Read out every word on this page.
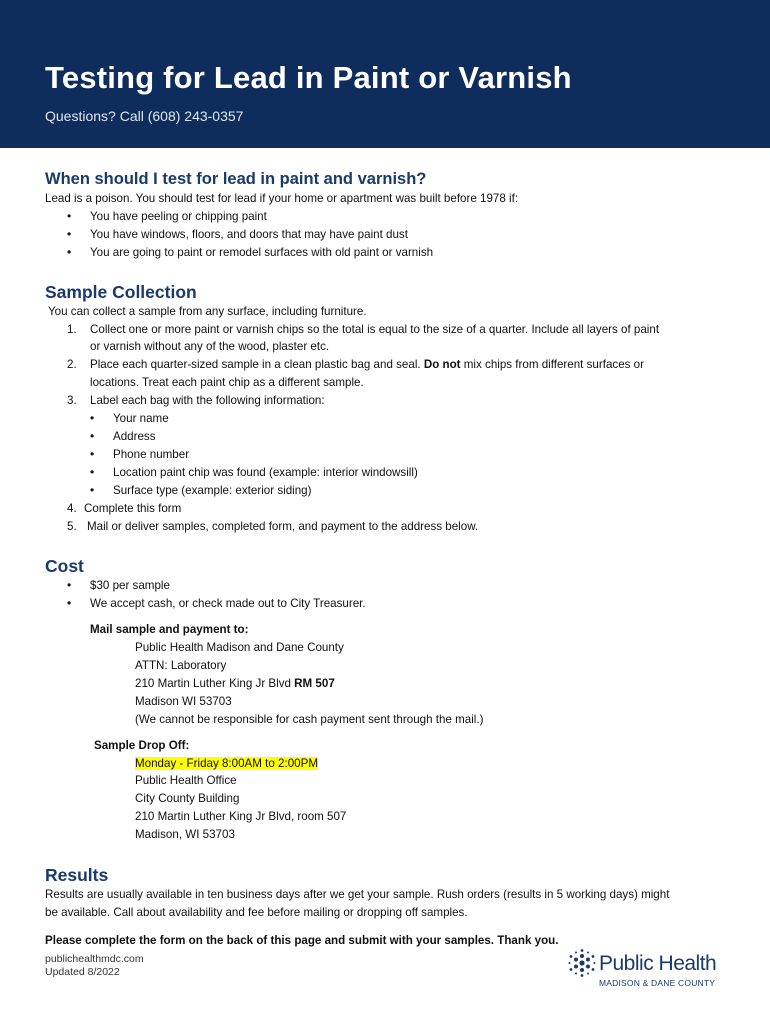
Testing for Lead in Paint or Varnish
Questions? Call (608) 243-0357
When should I test for lead in paint and varnish?

Lead is a poison. You should test for lead if your home or apartment was built before 1978 if:

• You have peeling or chipping paint
• You have windows, floors, and doors that may have paint dust
• You are going to paint or remodel surfaces with old paint or varnish
Sample Collection

You can collect a sample from any surface, including furniture.

1.	Collect one or more paint or varnish chips so the total is equal to the size of a quarter. Include all layers of paint
or varnish without any of the wood, plaster etc.
2.	Place each quarter-sized sample in a clean plastic bag and seal. Do not mix chips from different surfaces or
locations. Treat each paint chip as a different sample.
3.	Label each bag with the following information:
• Your name
• Address
• Phone number
• Location paint chip was found (example: interior windowsill)
• Surface type (example: exterior siding)
4. Complete this form
5. Mail or deliver samples, completed form, and payment to the address below.
Cost
• $30 per sample
• We accept cash, or check made out to City Treasurer.
Mail sample and payment to:
Public Health Madison and Dane County
ATTN: Laboratory
210 Martin Luther King Jr Blvd RM 507
Madison WI 53703
(We cannot be responsible for cash payment sent through the mail.)
Sample Drop Off:
Monday - Friday 8:00AM to 2:00PM
Public Health Office
City County Building
210 Martin Luther King Jr Blvd, room 507
Madison, WI 53703
Results

Results are usually available in ten business days after we get your sample. Rush orders (results in 5 working days) might
be available. Call about availability and fee before mailing or dropping off samples.

Please complete the form on the back of this page and submit with your samples. Thank you.

publichealthmdc.com
Updated 8/2022	Public Health
MADISON & DANE COUNTY
